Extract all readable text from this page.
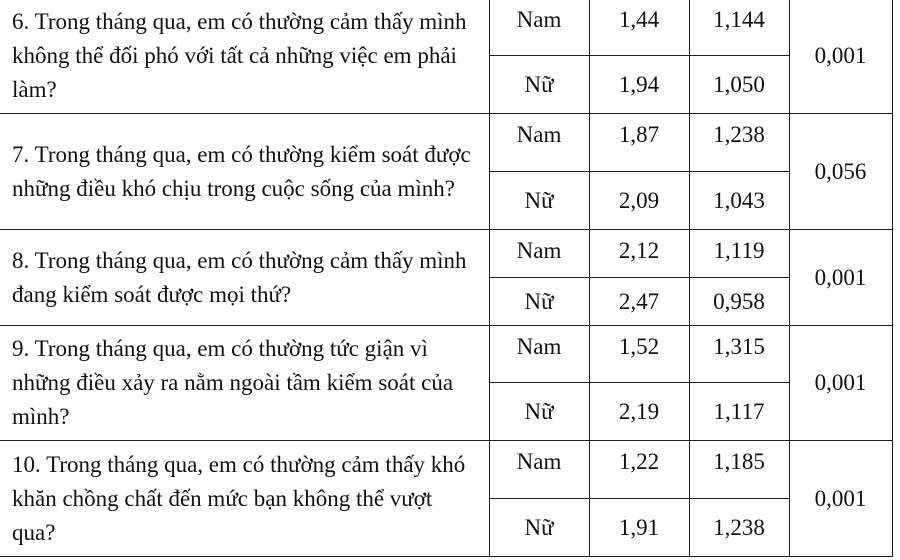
6. Trong tháng qua, em có thường cảm thấy mình không thể đối phó với tất cả những việc em phải làm?	Nam	1,44	1,144	0,001
	Nữ	1,94	1,050	
7. Trong tháng qua, em có thường kiểm soát được những điều khó chịu trong cuộc sống của mình?	Nam	1,87	1,238	0,056
	Nữ	2,09	1,043	
8. Trong tháng qua, em có thường cảm thấy mình đang kiểm soát được mọi thứ?	Nam	2,12	1,119	0,001
	Nữ	2,47	0,958	
9. Trong tháng qua, em có thường tức giận vì những điều xảy ra nằm ngoài tầm kiểm soát của mình?	Nam	1,52	1,315	0,001
	Nữ	2,19	1,117	
10. Trong tháng qua, em có thường cảm thấy khó khăn chồng chất đến mức bạn không thể vượt qua?	Nam	1,22	1,185	0,001
	Nữ	1,91	1,238	
